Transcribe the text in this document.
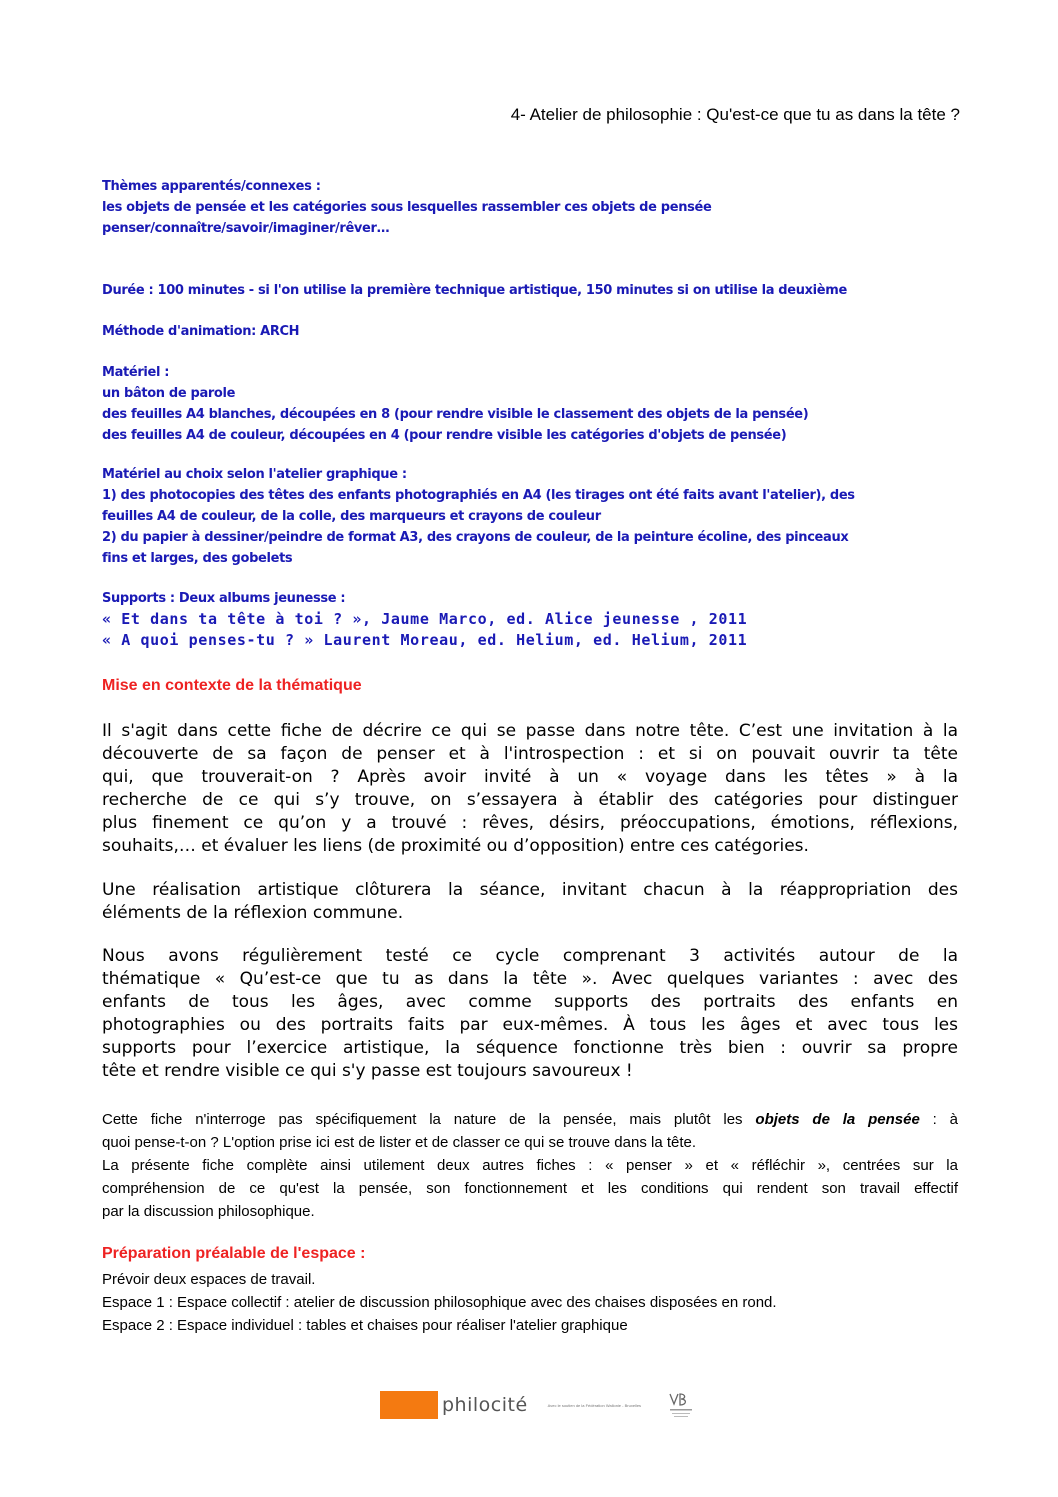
4- Atelier de philosophie : Qu'est-ce que tu as dans la tête ?
Thèmes apparentés/connexes :
les objets de pensée et les catégories sous lesquelles rassembler ces objets de pensée
penser/connaître/savoir/imaginer/rêver…
Durée : 100 minutes - si l'on utilise la première technique artistique, 150 minutes si on utilise la deuxième
Méthode d'animation: ARCH
Matériel :
un bâton de parole
des feuilles A4 blanches, découpées en 8 (pour rendre visible le classement des objets de la pensée)
des feuilles A4 de couleur, découpées en 4 (pour rendre visible les catégories d'objets de pensée)
Matériel au choix selon l'atelier graphique :
1) des photocopies des têtes des enfants photographiés en A4 (les tirages ont été faits avant l'atelier), des
feuilles A4 de couleur, de la colle, des marqueurs et crayons de couleur
2) du papier à dessiner/peindre de format A3, des crayons de couleur, de la peinture écoline, des pinceaux
fins et larges, des gobelets
Supports : Deux albums jeunesse :
« Et dans ta tête à toi ? », Jaume Marco, ed. Alice jeunesse , 2011
« A quoi penses-tu ? » Laurent Moreau, ed. Helium, ed. Helium, 2011
Mise en contexte de la thématique
Il s'agit dans cette fiche de décrire ce qui se passe dans notre tête. C’est une invitation à la
découverte de sa façon de penser et à l'introspection : et si on pouvait ouvrir ta tête
qui, que trouverait-on ? Après avoir invité à un « voyage dans les têtes » à la
recherche de ce qui s’y trouve, on s’essayera à établir des catégories pour distinguer
plus finement ce qu’on y a trouvé : rêves, désirs, préoccupations, émotions, réflexions,
souhaits,… et évaluer les liens (de proximité ou d’opposition) entre ces catégories.
Une réalisation artistique clôturera la séance, invitant chacun à la réappropriation des
éléments de la réflexion commune.
Nous avons régulièrement testé ce cycle comprenant 3 activités autour de la
thématique « Qu’est-ce que tu as dans la tête ». Avec quelques variantes : avec des
enfants de tous les âges, avec comme supports des portraits des enfants en
photographies ou des portraits faits par eux-mêmes. À tous les âges et avec tous les
supports pour l’exercice artistique, la séquence fonctionne très bien : ouvrir sa propre
tête et rendre visible ce qui s'y passe est toujours savoureux !
Cette fiche n'interroge pas spécifiquement la nature de la pensée, mais plutôt les objets de la pensée : à
quoi pense-t-on ? L'option prise ici est de lister et de classer ce qui se trouve dans la tête.
La présente fiche complète ainsi utilement deux autres fiches : « penser » et « réfléchir », centrées sur la
compréhension de ce qu'est la pensée, son fonctionnement et les conditions qui rendent son travail effectif
par la discussion philosophique.
Préparation préalable de l'espace :
Prévoir deux espaces de travail.
Espace 1 : Espace collectif : atelier de discussion philosophique avec des chaises disposées en rond.
Espace 2 : Espace individuel : tables et chaises pour réaliser l'atelier graphique
philocité	Avec le soutien de la Fédération Wallonie - Bruxelles
